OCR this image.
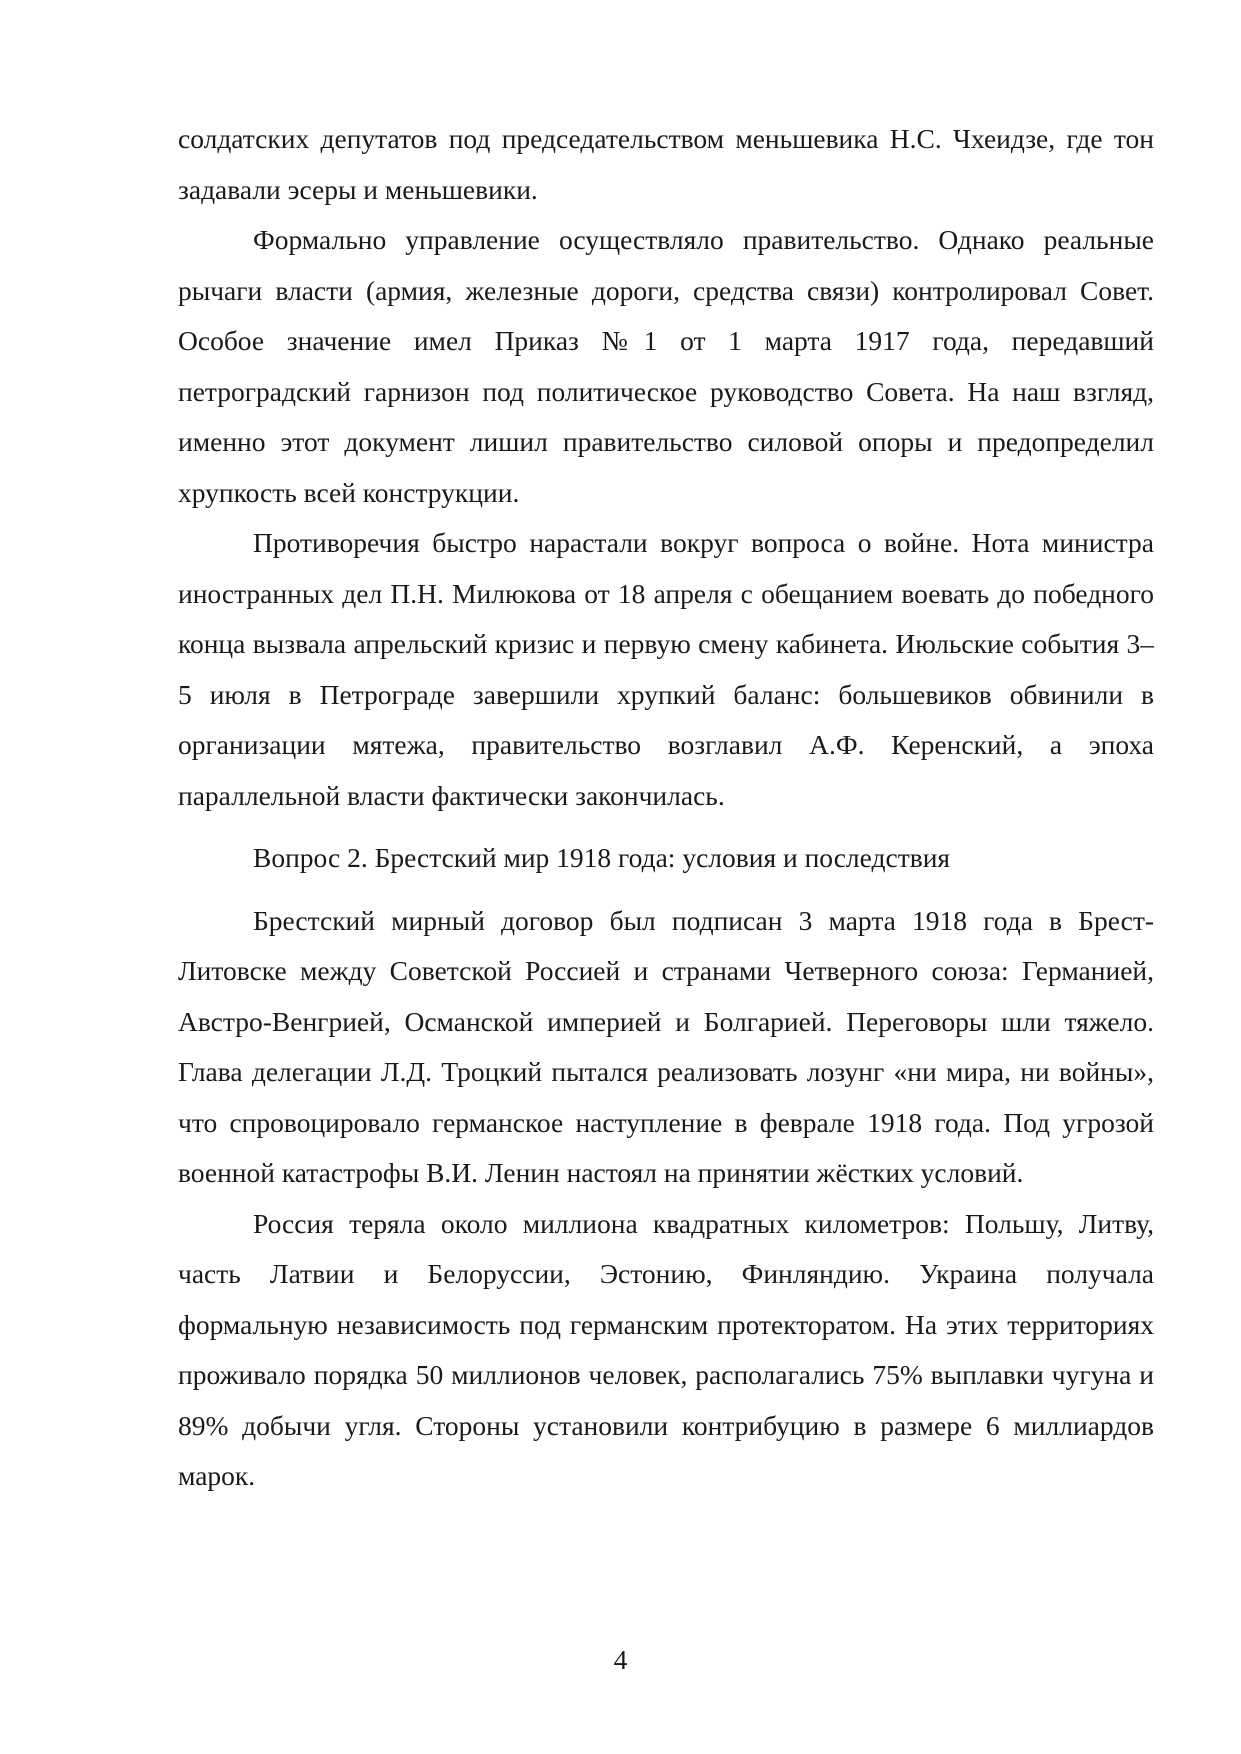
солдатских депутатов под председательством меньшевика Н.С. Чхеидзе, где тон задавали эсеры и меньшевики.

Формально управление осуществляло правительство. Однако реальные рычаги власти (армия, железные дороги, средства связи) контролировал Совет. Особое значение имел Приказ №1 от 1 марта 1917 года, передавший петроградский гарнизон под политическое руководство Совета. На наш взгляд, именно этот документ лишил правительство силовой опоры и предопределил хрупкость всей конструкции.

Противоречия быстро нарастали вокруг вопроса о войне. Нота министра иностранных дел П.Н. Милюкова от 18 апреля с обещанием воевать до победного конца вызвала апрельский кризис и первую смену кабинета. Июльские события 3–5 июля в Петрограде завершили хрупкий баланс: большевиков обвинили в организации мятежа, правительство возглавил А.Ф. Керенский, а эпоха параллельной власти фактически закончилась.

Вопрос 2. Брестский мир 1918 года: условия и последствия

Брестский мирный договор был подписан 3 марта 1918 года в Брест-Литовске между Советской Россией и странами Четверного союза: Германией, Австро-Венгрией, Османской империей и Болгарией. Переговоры шли тяжело. Глава делегации Л.Д. Троцкий пытался реализовать лозунг «ни мира, ни войны», что спровоцировало германское наступление в феврале 1918 года. Под угрозой военной катастрофы В.И. Ленин настоял на принятии жёстких условий.

Россия теряла около миллиона квадратных километров: Польшу, Литву, часть Латвии и Белоруссии, Эстонию, Финляндию. Украина получала формальную независимость под германским протекторатом. На этих территориях проживало порядка 50 миллионов человек, располагались 75% выплавки чугуна и 89% добычи угля. Стороны установили контрибуцию в размере 6 миллиардов марок.

4
